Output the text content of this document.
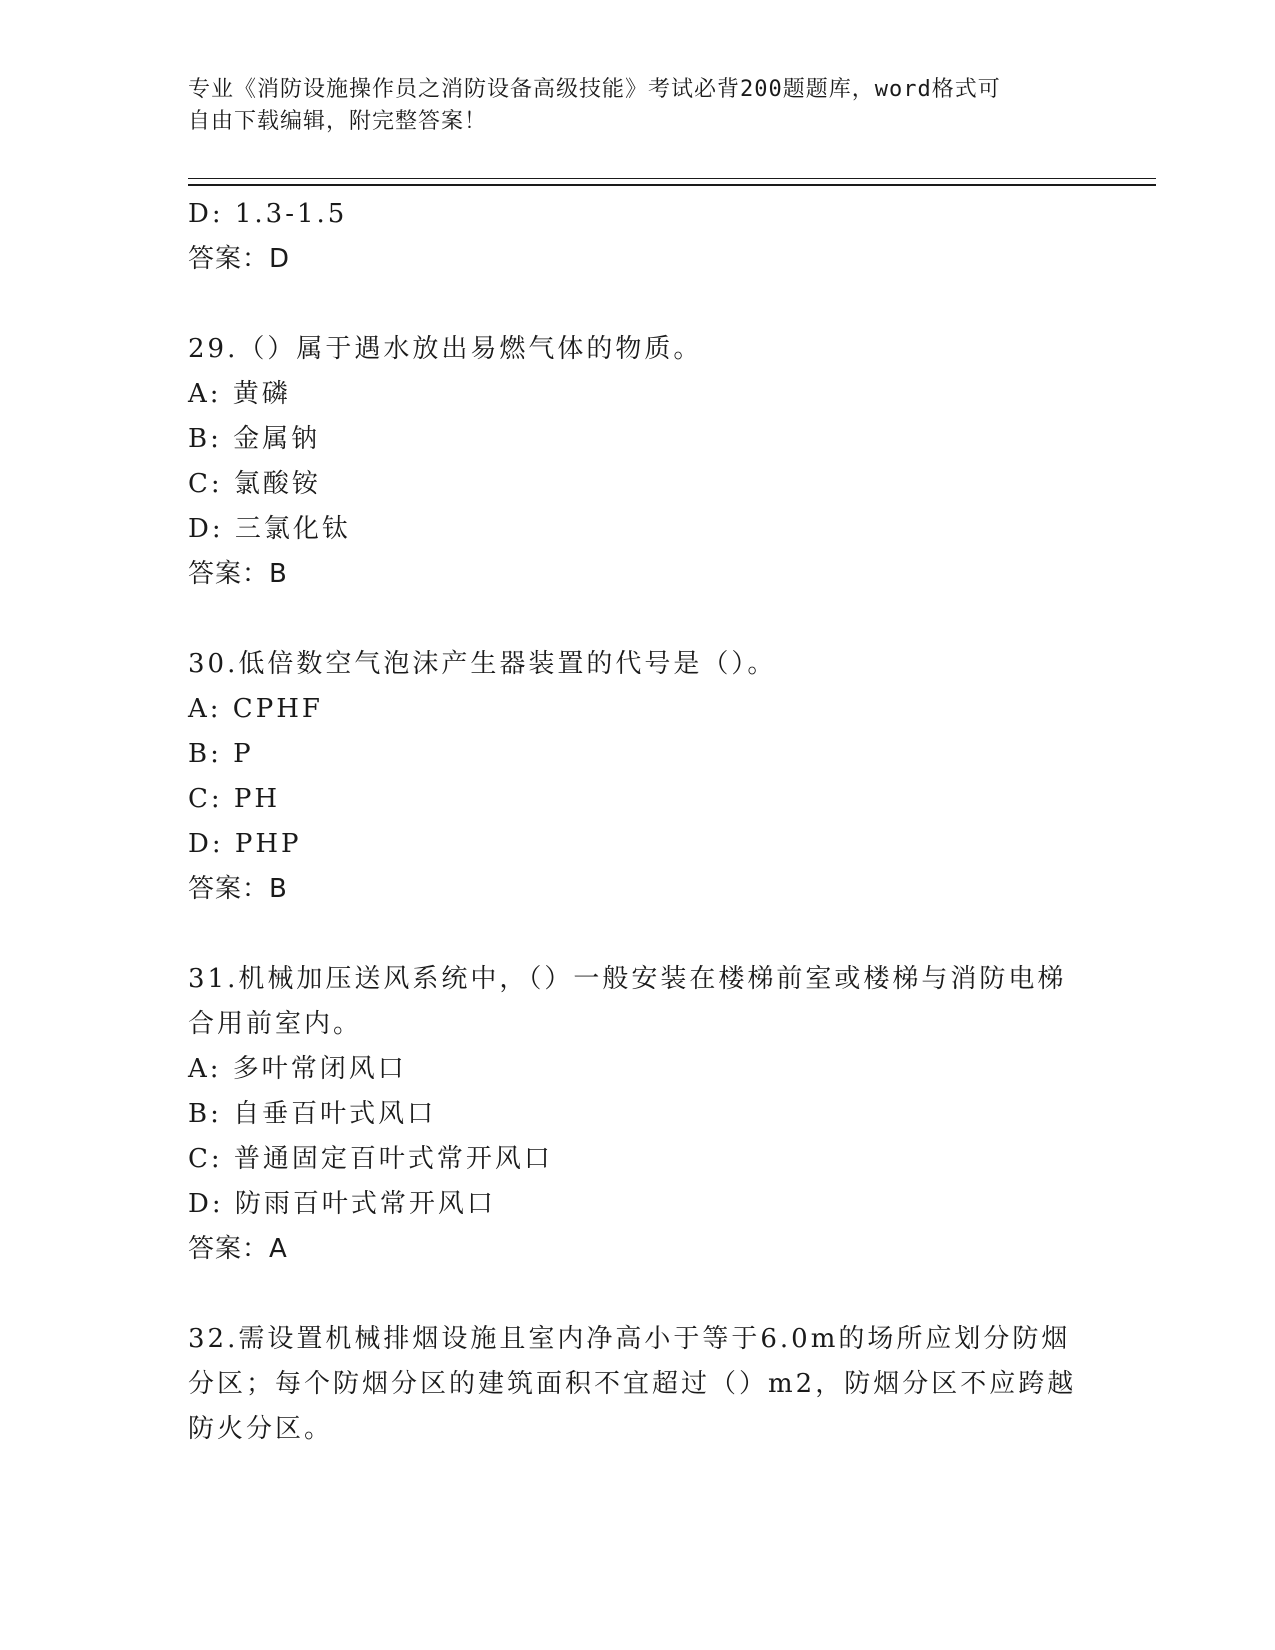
专业《消防设施操作员之消防设备高级技能》考试必背200题题库，word格式可
自由下载编辑，附完整答案！
D: 1.3-1.5
答案：D
29.（）属于遇水放出易燃气体的物质。
A: 黄磷
B: 金属钠
C: 氯酸铵
D: 三氯化钛
答案：B
30.低倍数空气泡沫产生器装置的代号是（）。
A: CPHF
B: P
C: PH
D: PHP
答案：B
31.机械加压送风系统中，（）一般安装在楼梯前室或楼梯与消防电梯合用前室内。
A: 多叶常闭风口
B: 自垂百叶式风口
C: 普通固定百叶式常开风口
D: 防雨百叶式常开风口
答案：A
32.需设置机械排烟设施且室内净高小于等于6.0m的场所应划分防烟分区；每个防烟分区的建筑面积不宜超过（）m2，防烟分区不应跨越防火分区。
